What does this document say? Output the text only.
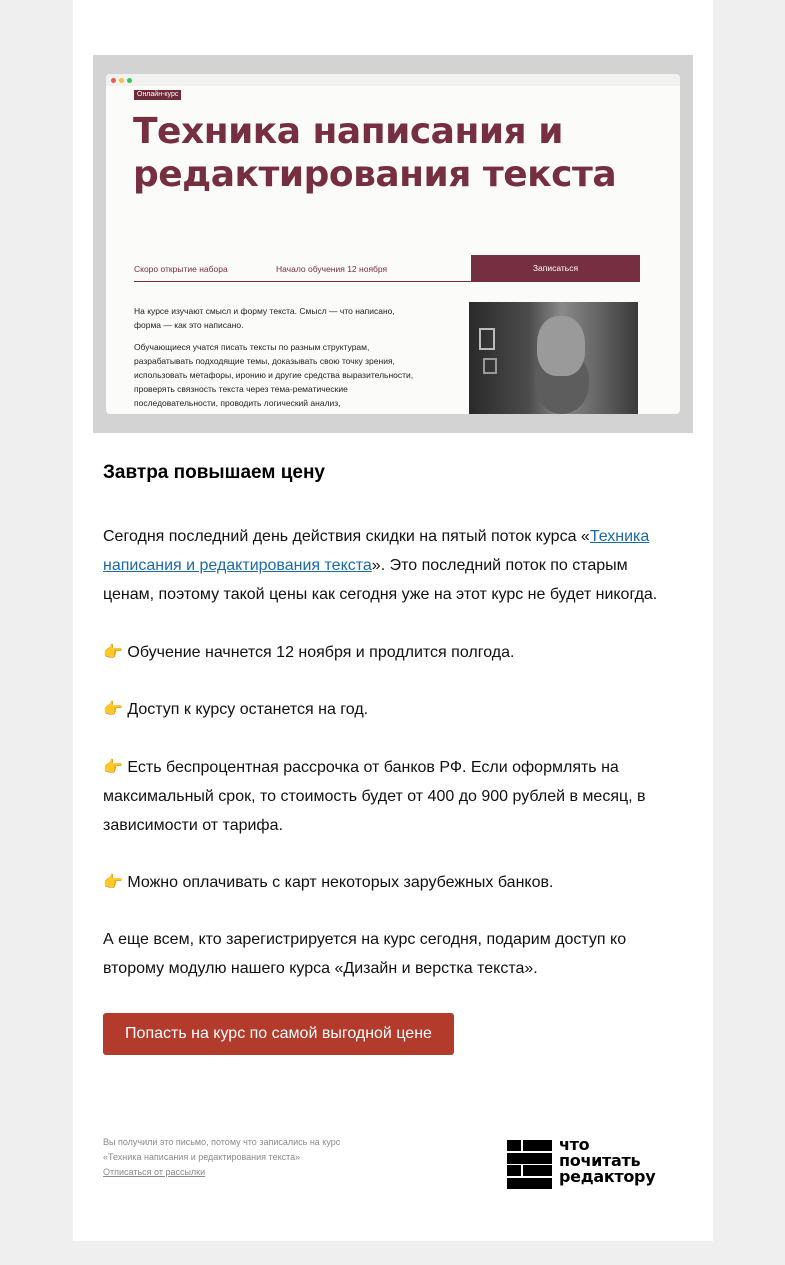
Онлайн-курс
Техника написания и редактирования текста
Скоро открытие набора	Начало обучения 12 ноября	Записаться

На курсе изучают смысл и форму текста. Смысл — что написано, форма — как это написано.

Обучающиеся учатся писать тексты по разным структурам, разрабатывать подходящие темы, доказывать свою точку зрения, использовать метафоры, иронию и другие средства выразительности, проверять связность текста через тема-рематические последовательности, проводить логический анализ,

Завтра повышаем цену

Сегодня последний день действия скидки на пятый поток курса «Техника написания и редактирования текста». Это последний поток по старым ценам, поэтому такой цены как сегодня уже на этот курс не будет никогда.

👉 Обучение начнется 12 ноября и продлится полгода.

👉 Доступ к курсу останется на год.

👉 Есть беспроцентная рассрочка от банков РФ. Если оформлять на максимальный срок, то стоимость будет от 400 до 900 рублей в месяц, в зависимости от тарифа.

👉 Можно оплачивать с карт некоторых зарубежных банков.

А еще всем, кто зарегистрируется на курс сегодня, подарим доступ ко второму модулю нашего курса «Дизайн и верстка текста».

Попасть на курс по самой выгодной цене
Вы получили это письмо, потому что записались на курс
«Техника написания и редактирования текста»
Отписаться от рассылки
что
почитать
редактору
